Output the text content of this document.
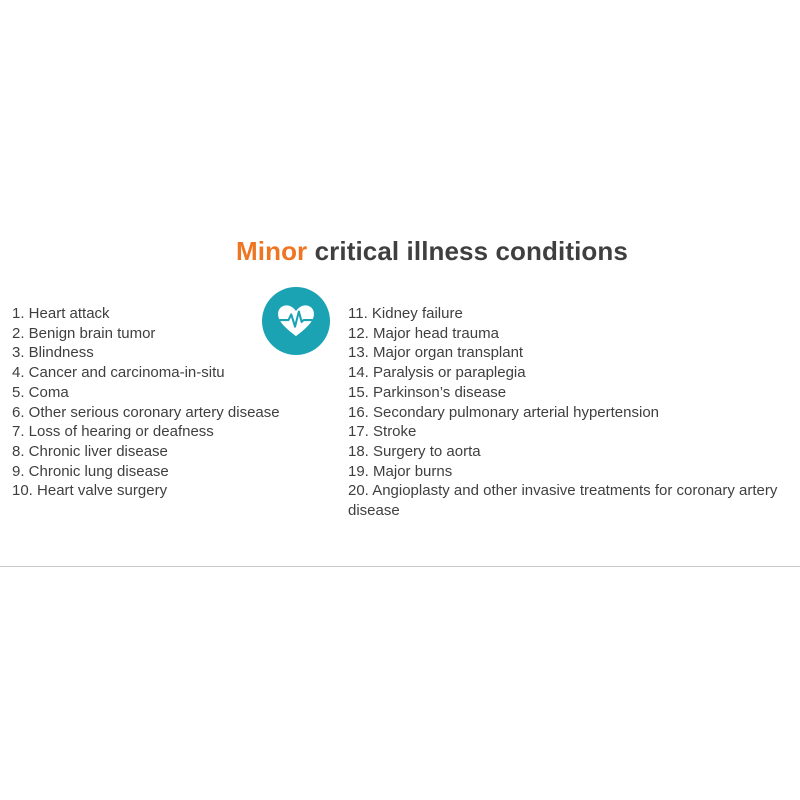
Minor critical illness conditions
1. Heart attack
2. Benign brain tumor
3. Blindness
4. Cancer and carcinoma-in-situ
5. Coma
6. Other serious coronary artery disease
7. Loss of hearing or deafness
8. Chronic liver disease
9. Chronic lung disease
10. Heart valve surgery
11. Kidney failure
12. Major head trauma
13. Major organ transplant
14. Paralysis or paraplegia
15. Parkinson’s disease
16. Secondary pulmonary arterial hypertension
17. Stroke
18. Surgery to aorta
19. Major burns
20. Angioplasty and other invasive treatments for coronary artery disease
